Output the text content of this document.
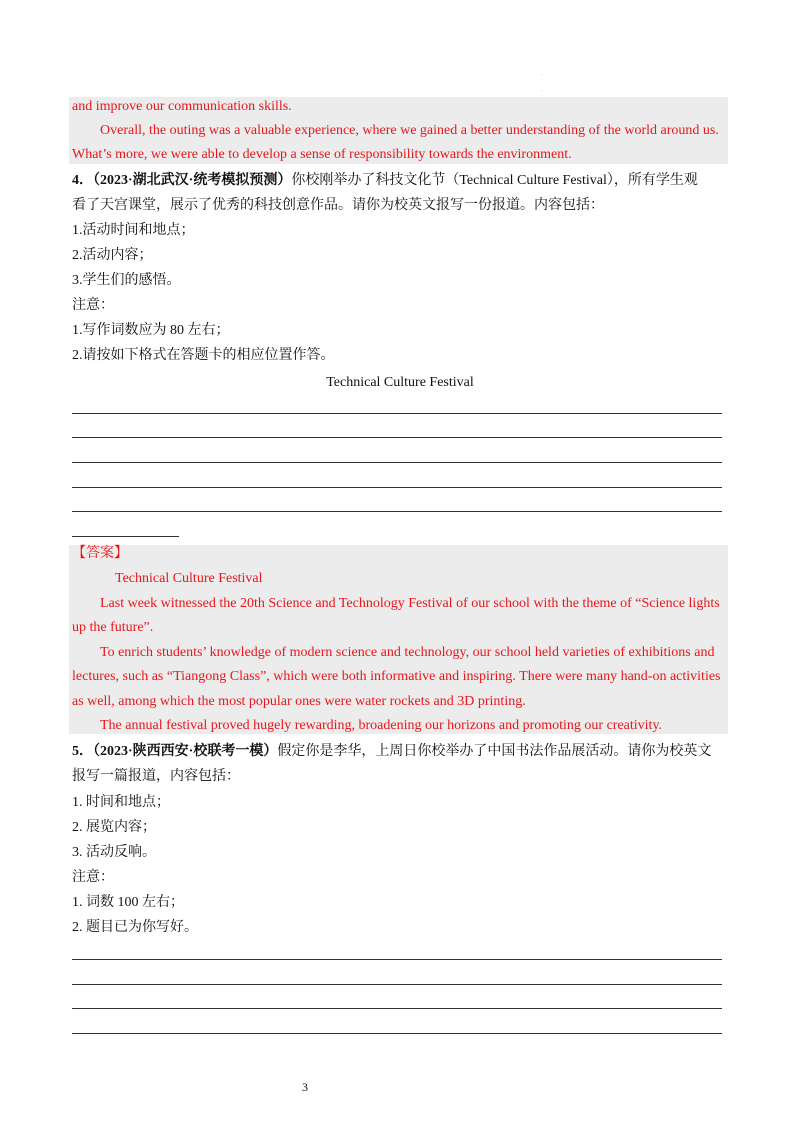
.
.
and improve our communication skills.
Overall, the outing was a valuable experience, where we gained a better understanding of the world around us.
What’s more, we were able to develop a sense of responsibility towards the environment.
4．（2023·湖北武汉·统考模拟预测）你校刚举办了科技文化节（Technical Culture Festival），所有学生观
看了天宫课堂，展示了优秀的科技创意作品。请你为校英文报写一份报道。内容包括：
1.活动时间和地点；
2.活动内容；
3.学生们的感悟。
注意：
1.写作词数应为 80 左右；
2.请按如下格式在答题卡的相应位置作答。
Technical Culture Festival
【答案】
Technical Culture Festival
Last week witnessed the 20th Science and Technology Festival of our school with the theme of “Science lights
up the future”.
To enrich students’ knowledge of modern science and technology, our school held varieties of exhibitions and
lectures, such as “Tiangong Class”, which were both informative and inspiring. There were many hand-on activities
as well, among which the most popular ones were water rockets and 3D printing.
The annual festival proved hugely rewarding, broadening our horizons and promoting our creativity.
5．（2023·陕西西安·校联考一模）假定你是李华，上周日你校举办了中国书法作品展活动。请你为校英文
报写一篇报道，内容包括：
1. 时间和地点；
2. 展览内容；
3. 活动反响。
注意：
1. 词数 100 左右；
2. 题目已为你写好。
3
